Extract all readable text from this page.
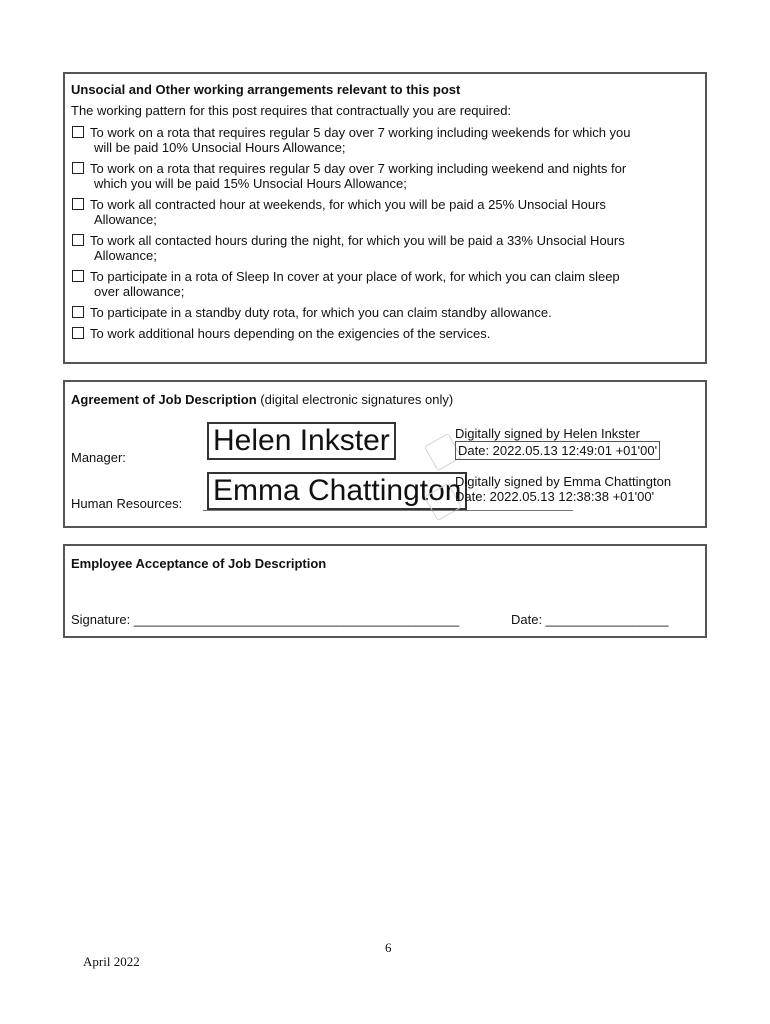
Unsocial and Other working arrangements relevant to this post
The working pattern for this post requires that contractually you are required:
To work on a rota that requires regular 5 day over 7 working including weekends for which you
will be paid 10% Unsocial Hours Allowance;
To work on a rota that requires regular 5 day over 7 working including weekend and nights for
which you will be paid 15% Unsocial Hours Allowance;
To work all contracted hour at weekends, for which you will be paid a 25% Unsocial Hours
Allowance;
To work all contacted hours during the night, for which you will be paid a 33% Unsocial Hours
Allowance;
To participate in a rota of Sleep In cover at your place of work, for which you can claim sleep
over allowance;
To participate in a standby duty rota, for which you can claim standby allowance.
To work additional hours depending on the exigencies of the services.
Agreement of Job Description (digital electronic signatures only)
Manager:
Helen Inkster	Digitally signed by Helen Inkster
Date: 2022.05.13 12:49:01 +01'00'
Human Resources: Emma Chattington
Digitally signed by Emma Chattington
Date: 2022.05.13 12:38:38 +01'00'
Employee Acceptance of Job Description
Signature: _____________________________________________	Date: _________________
6
April 2022
